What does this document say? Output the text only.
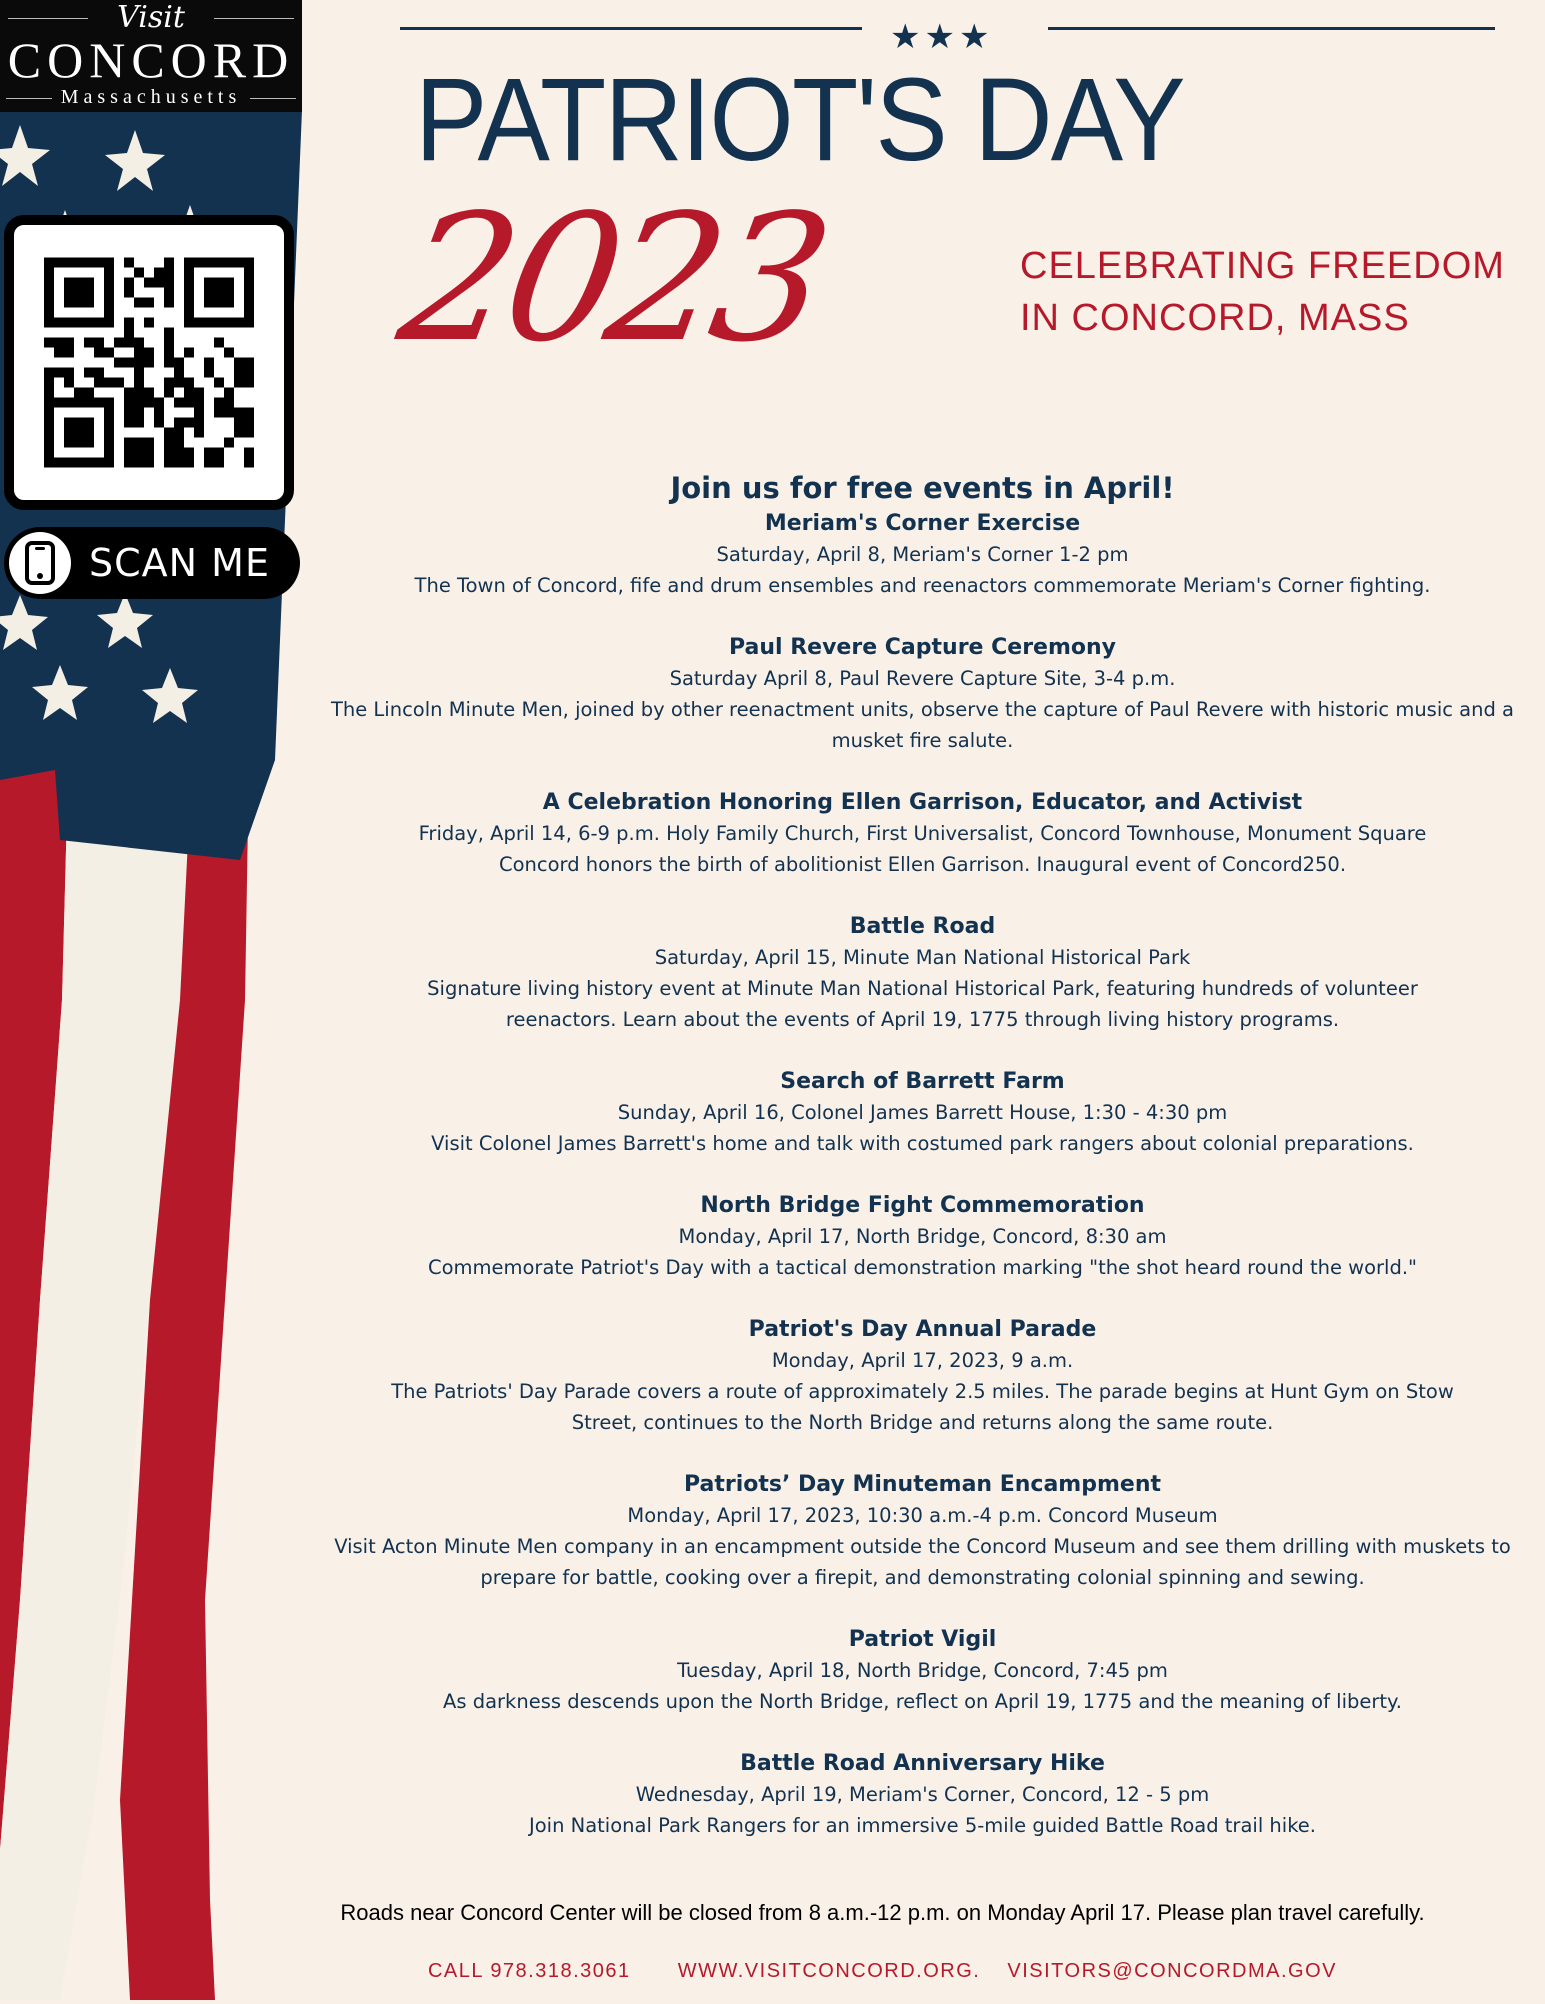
Visit
CONCORD
Massachusetts
SCAN ME
★★★
PATRIOT'S DAY
2023	CELEBRATING FREEDOM
IN CONCORD, MASS
Join us for free events in April!
Meriam's Corner Exercise
Saturday, April 8, Meriam's Corner 1-2 pm
The Town of Concord, fife and drum ensembles and reenactors commemorate Meriam's Corner fighting.
Paul Revere Capture Ceremony
Saturday April 8, Paul Revere Capture Site, 3-4 p.m.
The Lincoln Minute Men, joined by other reenactment units, observe the capture of Paul Revere with historic music and a musket fire salute.
A Celebration Honoring Ellen Garrison, Educator, and Activist
Friday, April 14, 6-9 p.m. Holy Family Church, First Universalist, Concord Townhouse, Monument Square
Concord honors the birth of abolitionist Ellen Garrison. Inaugural event of Concord250.
Battle Road
Saturday, April 15, Minute Man National Historical Park
Signature living history event at Minute Man National Historical Park, featuring hundreds of volunteer reenactors. Learn about the events of April 19, 1775 through living history programs.
Search of Barrett Farm
Sunday, April 16, Colonel James Barrett House, 1:30 - 4:30 pm
Visit Colonel James Barrett's home and talk with costumed park rangers about colonial preparations.
North Bridge Fight Commemoration
Monday, April 17, North Bridge, Concord, 8:30 am
Commemorate Patriot's Day with a tactical demonstration marking "the shot heard round the world."
Patriot's Day Annual Parade
Monday, April 17, 2023, 9 a.m.
The Patriots' Day Parade covers a route of approximately 2.5 miles. The parade begins at Hunt Gym on Stow Street, continues to the North Bridge and returns along the same route.
Patriots’ Day Minuteman Encampment
Monday, April 17, 2023, 10:30 a.m.-4 p.m. Concord Museum
Visit Acton Minute Men company in an encampment outside the Concord Museum and see them drilling with muskets to prepare for battle, cooking over a firepit, and demonstrating colonial spinning and sewing.
Patriot Vigil
Tuesday, April 18, North Bridge, Concord, 7:45 pm
As darkness descends upon the North Bridge, reflect on April 19, 1775 and the meaning of liberty.
Battle Road Anniversary Hike
Wednesday, April 19, Meriam's Corner, Concord, 12 - 5 pm
Join National Park Rangers for an immersive 5-mile guided Battle Road trail hike.
Roads near Concord Center will be closed from 8 a.m.-12 p.m. on Monday April 17. Please plan travel carefully.
CALL 978.318.3061 WWW.VISITCONCORD.ORG. VISITORS@CONCORDMA.GOV
